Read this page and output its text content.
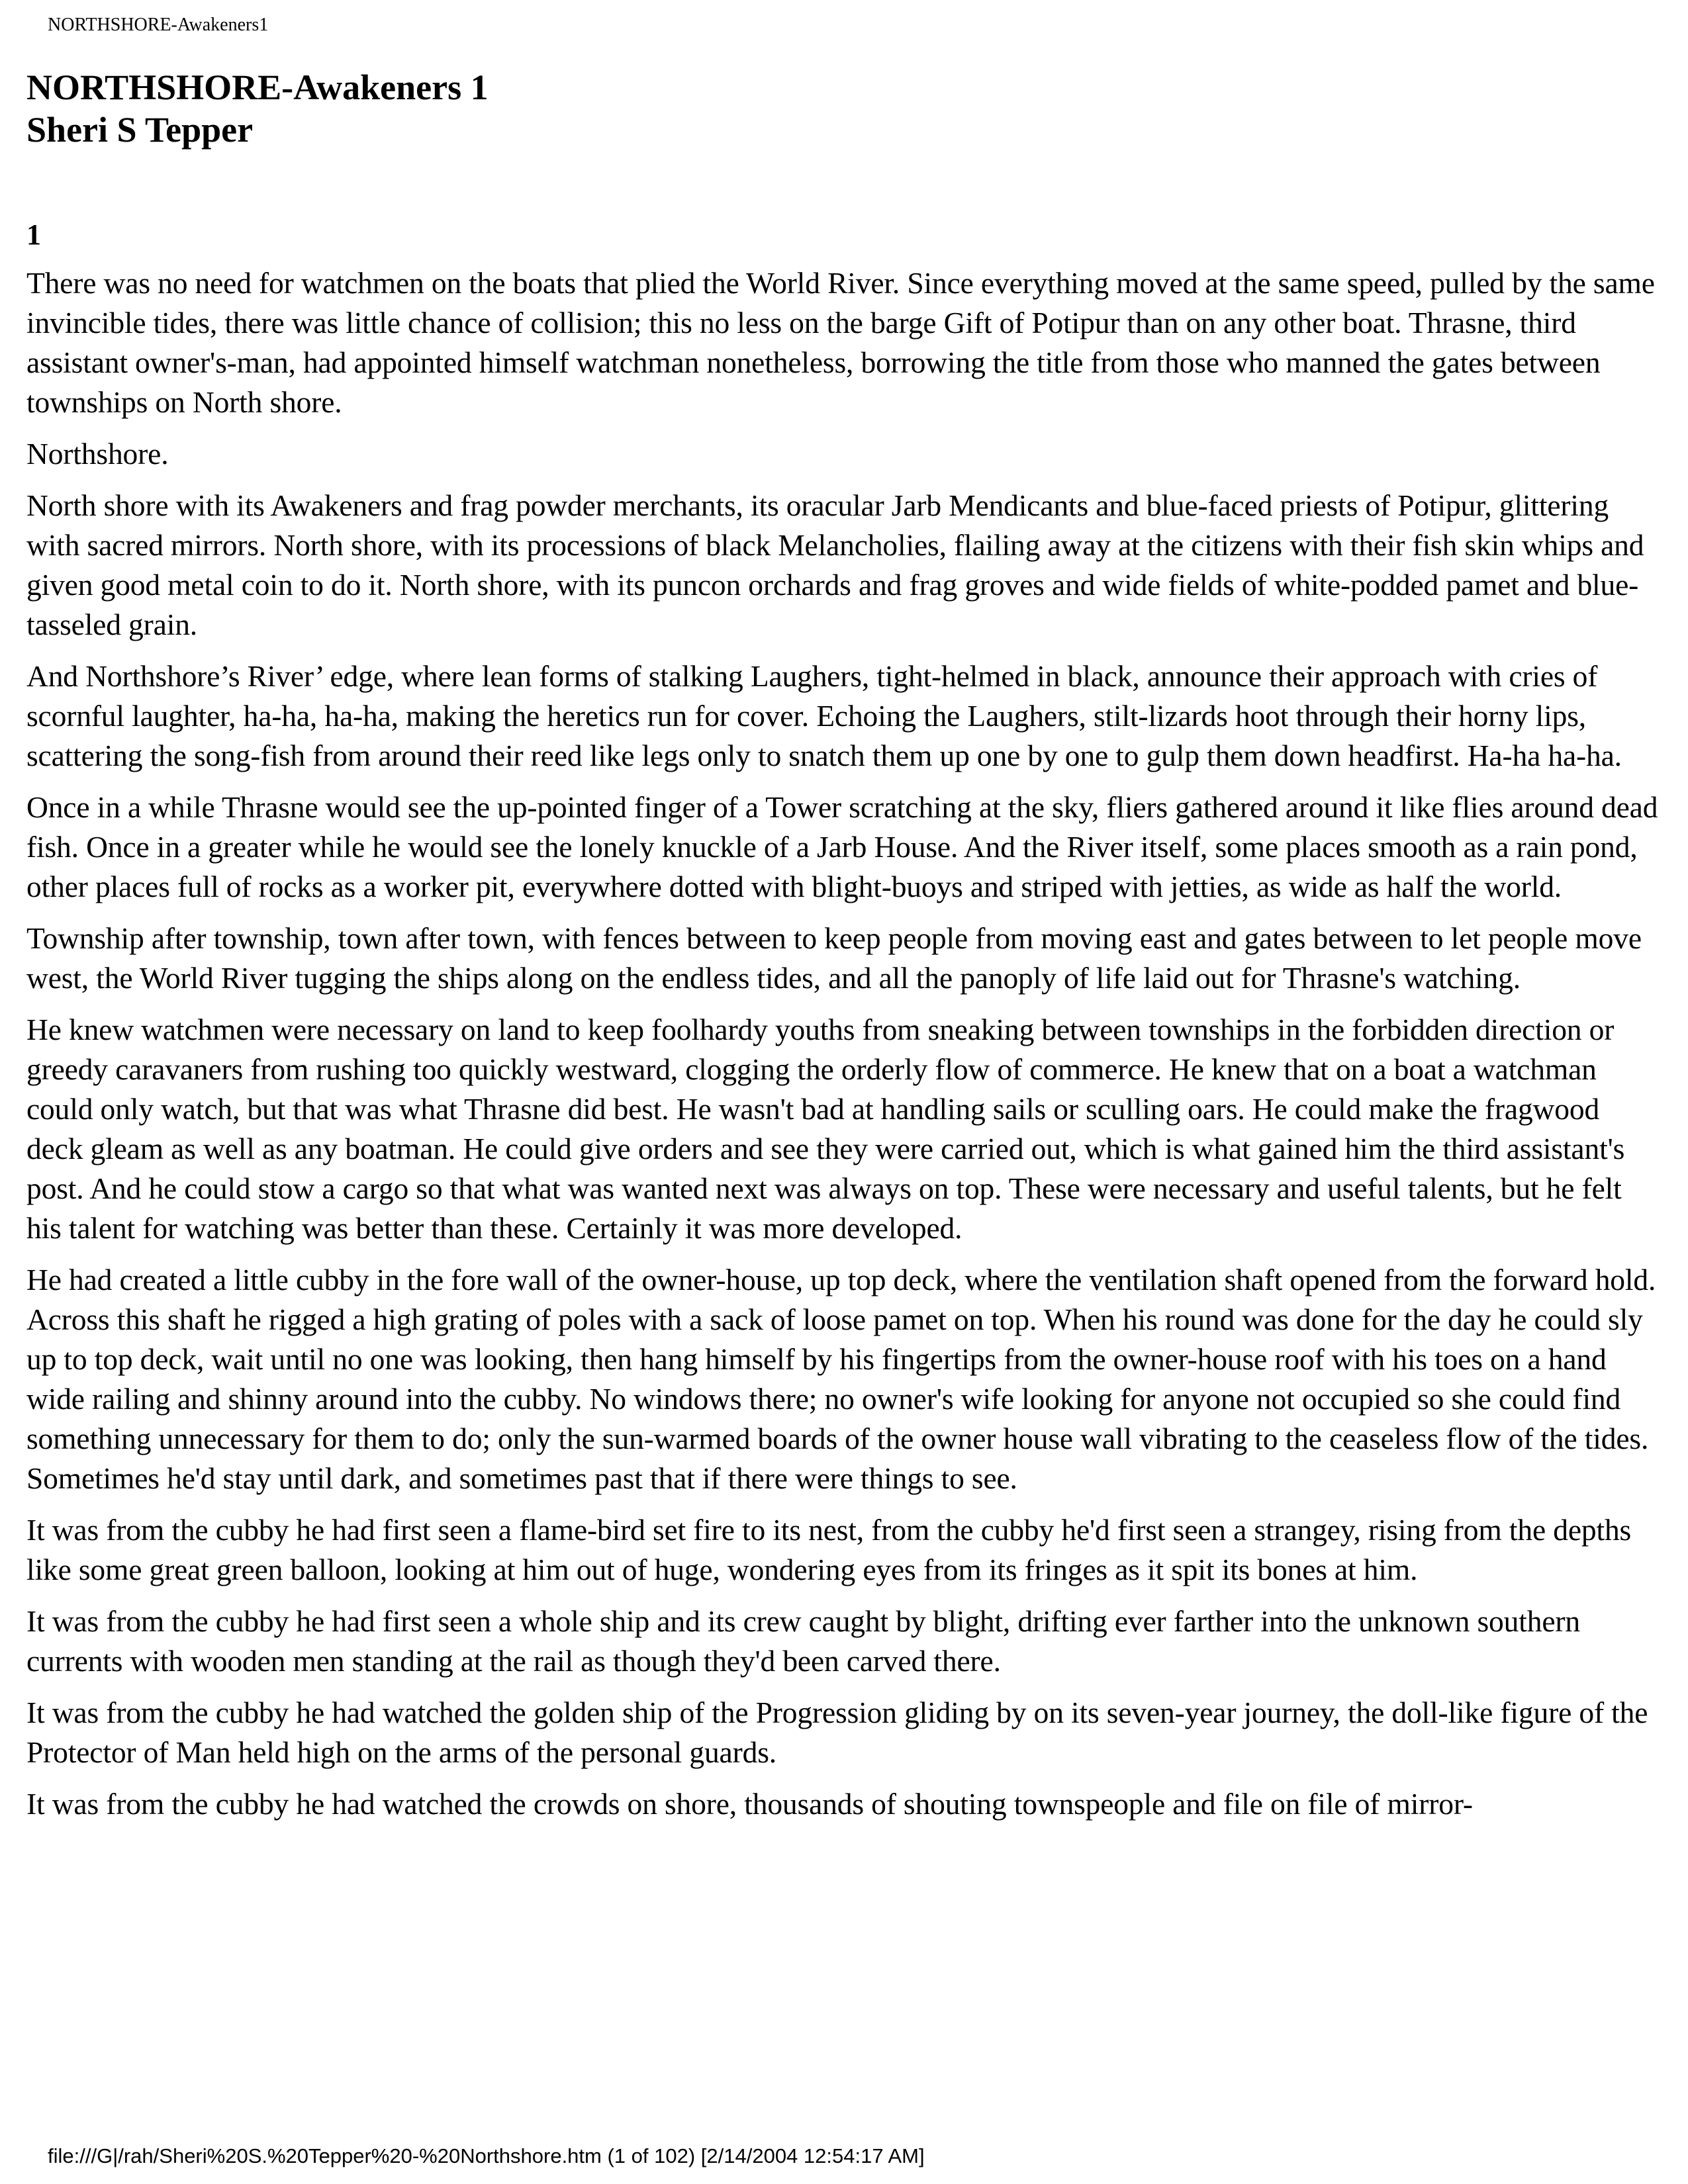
NORTHSHORE-Awakeners1
NORTHSHORE-Awakeners 1
Sheri S Tepper
1

There was no need for watchmen on the boats that plied the World River. Since everything moved at the same speed, pulled by the same invincible tides, there was little chance of collision; this no less on the barge Gift of Potipur than on any other boat. Thrasne, third assistant owner's-man, had appointed himself watchman nonetheless, borrowing the title from those who manned the gates between townships on North shore.

Northshore.

North shore with its Awakeners and frag powder merchants, its oracular Jarb Mendicants and blue-faced priests of Potipur, glittering with sacred mirrors. North shore, with its processions of black Melancholies, flailing away at the citizens with their fish skin whips and given good metal coin to do it. North shore, with its puncon orchards and frag groves and wide fields of white-podded pamet and blue-tasseled grain.

And Northshore’s River’ edge, where lean forms of stalking Laughers, tight-helmed in black, announce their approach with cries of scornful laughter, ha-ha, ha-ha, making the heretics run for cover. Echoing the Laughers, stilt-lizards hoot through their horny lips, scattering the song-fish from around their reed like legs only to snatch them up one by one to gulp them down headfirst. Ha-ha ha-ha.

Once in a while Thrasne would see the up-pointed finger of a Tower scratching at the sky, fliers gathered around it like flies around dead fish. Once in a greater while he would see the lonely knuckle of a Jarb House. And the River itself, some places smooth as a rain pond, other places full of rocks as a worker pit, everywhere dotted with blight-buoys and striped with jetties, as wide as half the world.

Township after township, town after town, with fences between to keep people from moving east and gates between to let people move west, the World River tugging the ships along on the endless tides, and all the panoply of life laid out for Thrasne's watching.

He knew watchmen were necessary on land to keep foolhardy youths from sneaking between townships in the forbidden direction or greedy caravaners from rushing too quickly westward, clogging the orderly flow of commerce. He knew that on a boat a watchman could only watch, but that was what Thrasne did best. He wasn't bad at handling sails or sculling oars. He could make the fragwood deck gleam as well as any boatman. He could give orders and see they were carried out, which is what gained him the third assistant's post. And he could stow a cargo so that what was wanted next was always on top. These were necessary and useful talents, but he felt his talent for watching was better than these. Certainly it was more developed.

He had created a little cubby in the fore wall of the owner-house, up top deck, where the ventilation shaft opened from the forward hold. Across this shaft he rigged a high grating of poles with a sack of loose pamet on top. When his round was done for the day he could sly up to top deck, wait until no one was looking, then hang himself by his fingertips from the owner-house roof with his toes on a hand wide railing and shinny around into the cubby. No windows there; no owner's wife looking for anyone not occupied so she could find something unnecessary for them to do; only the sun-warmed boards of the owner house wall vibrating to the ceaseless flow of the tides. Sometimes he'd stay until dark, and sometimes past that if there were things to see.

It was from the cubby he had first seen a flame-bird set fire to its nest, from the cubby he'd first seen a strangey, rising from the depths like some great green balloon, looking at him out of huge, wondering eyes from its fringes as it spit its bones at him.

It was from the cubby he had first seen a whole ship and its crew caught by blight, drifting ever farther into the unknown southern currents with wooden men standing at the rail as though they'd been carved there.

It was from the cubby he had watched the golden ship of the Progression gliding by on its seven-year journey, the doll-like figure of the Protector of Man held high on the arms of the personal guards.

It was from the cubby he had watched the crowds on shore, thousands of shouting townspeople and file on file of mirror-

file:///G|/rah/Sheri%20S.%20Tepper%20-%20Northshore.htm (1 of 102) [2/14/2004 12:54:17 AM]
